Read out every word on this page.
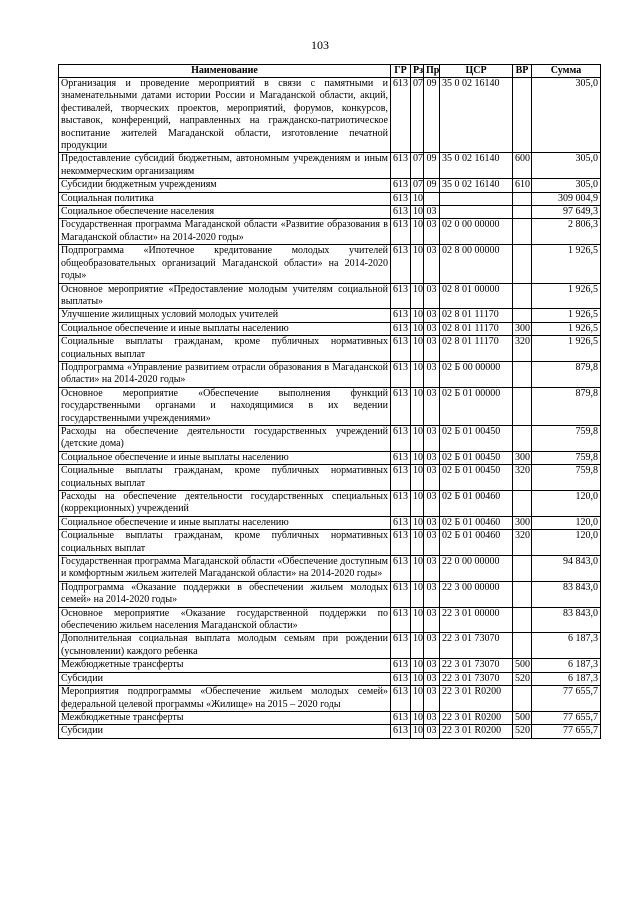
103
Наименование	ГР	Рз	Пр	ЦСР	ВР	Сумма
Организация и проведение мероприятий в связи с памятными и знаменательными датами истории России и Магаданской области, акций, фестивалей, творческих проектов, мероприятий, форумов, конкурсов, выставок, конференций, направленных на гражданско-патриотическое воспитание жителей Магаданской области, изготовление печатной продукции	613	07	09	35 0 02 16140		305,0
Предоставление субсидий бюджетным, автономным учреждениям и иным некоммерческим организациям	613	07	09	35 0 02 16140	600	305,0
Субсидии бюджетным учреждениям	613	07	09	35 0 02 16140	610	305,0
Социальная политика	613	10				309 004,9
Социальное обеспечение населения	613	10	03			97 649,3
Государственная программа Магаданской области «Развитие образования в Магаданской области» на 2014-2020 годы»	613	10	03	02 0 00 00000		2 806,3
Подпрограмма «Ипотечное кредитование молодых учителей общеобразовательных организаций Магаданской области» на 2014-2020 годы»	613	10	03	02 8 00 00000		1 926,5
Основное мероприятие «Предоставление молодым учителям социальной выплаты»	613	10	03	02 8 01 00000		1 926,5
Улучшение жилищных условий молодых учителей	613	10	03	02 8 01 11170		1 926,5
Социальное обеспечение и иные выплаты населению	613	10	03	02 8 01 11170	300	1 926,5
Социальные выплаты гражданам, кроме публичных нормативных социальных выплат	613	10	03	02 8 01 11170	320	1 926,5
Подпрограмма «Управление развитием отрасли образования в Магаданской области» на 2014-2020 годы»	613	10	03	02 Б 00 00000		879,8
Основное мероприятие «Обеспечение выполнения функций государственными органами и находящимися в их ведении государственными учреждениями»	613	10	03	02 Б 01 00000		879,8
Расходы на обеспечение деятельности государственных учреждений (детские дома)	613	10	03	02 Б 01 00450		759,8
Социальное обеспечение и иные выплаты населению	613	10	03	02 Б 01 00450	300	759,8
Социальные выплаты гражданам, кроме публичных нормативных социальных выплат	613	10	03	02 Б 01 00450	320	759,8
Расходы на обеспечение деятельности государственных специальных (коррекционных) учреждений	613	10	03	02 Б 01 00460		120,0
Социальное обеспечение и иные выплаты населению	613	10	03	02 Б 01 00460	300	120,0
Социальные выплаты гражданам, кроме публичных нормативных социальных выплат	613	10	03	02 Б 01 00460	320	120,0
Государственная программа Магаданской области «Обеспечение доступным и комфортным жильем жителей Магаданской области» на 2014-2020 годы»	613	10	03	22 0 00 00000		94 843,0
Подпрограмма «Оказание поддержки в обеспечении жильем молодых семей» на 2014-2020 годы»	613	10	03	22 3 00 00000		83 843,0
Основное мероприятие «Оказание государственной поддержки по обеспечению жильем населения Магаданской области»	613	10	03	22 3 01 00000		83 843,0
Дополнительная социальная выплата молодым семьям при рождении (усыновлении) каждого ребенка	613	10	03	22 3 01 73070		6 187,3
Межбюджетные трансферты	613	10	03	22 3 01 73070	500	6 187,3
Субсидии	613	10	03	22 3 01 73070	520	6 187,3
Мероприятия подпрограммы «Обеспечение жильем молодых семей» федеральной целевой программы «Жилище» на 2015 – 2020 годы	613	10	03	22 3 01 R0200		77 655,7
Межбюджетные трансферты	613	10	03	22 3 01 R0200	500	77 655,7
Субсидии	613	10	03	22 3 01 R0200	520	77 655,7
